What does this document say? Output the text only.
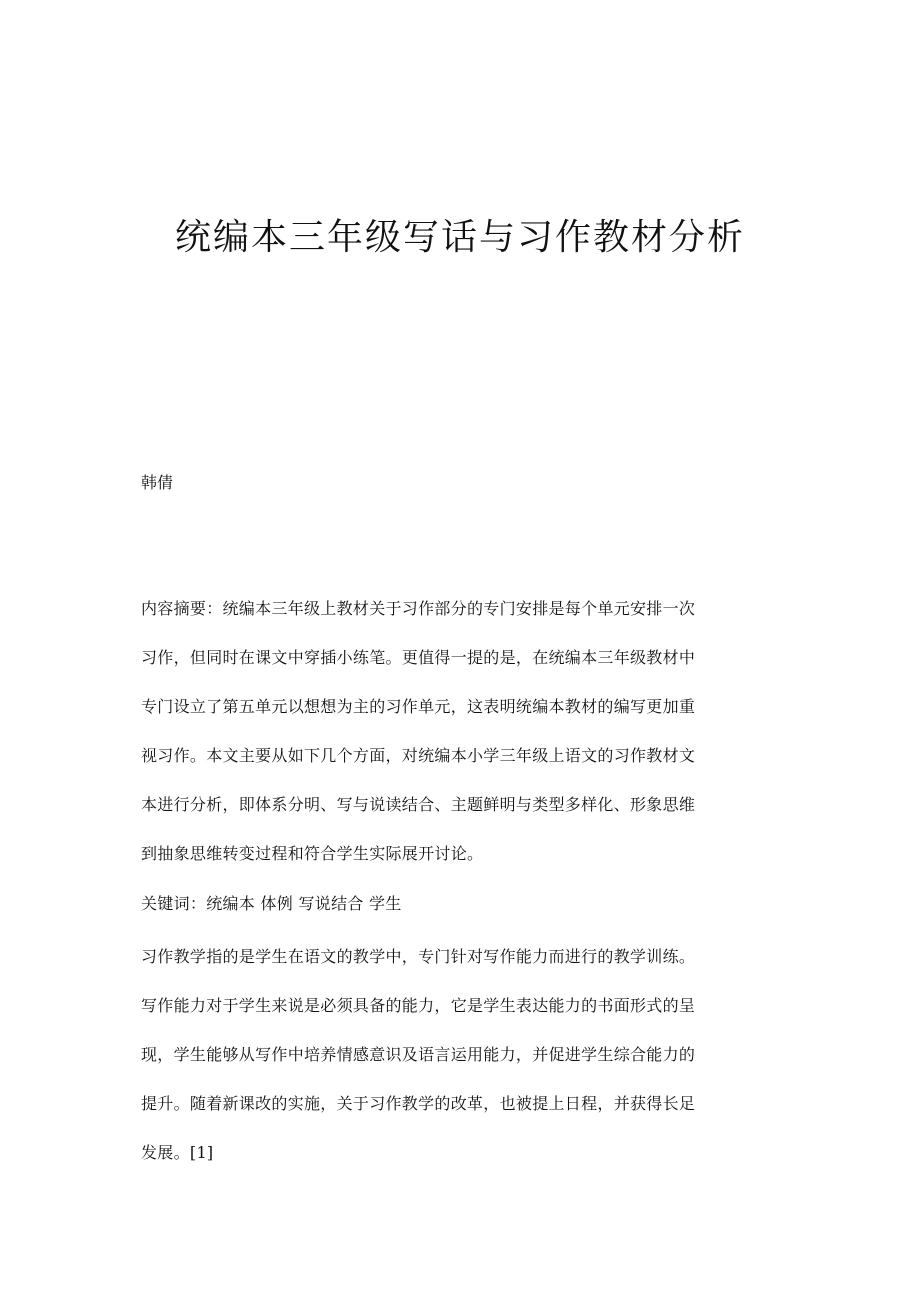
统编本三年级写话与习作教材分析

韩倩

内容摘要：统编本三年级上教材关于习作部分的专门安排是每个单元安排一次
习作，但同时在课文中穿插小练笔。更值得一提的是，在统编本三年级教材中
专门设立了第五单元以想想为主的习作单元，这表明统编本教材的编写更加重
视习作。本文主要从如下几个方面，对统编本小学三年级上语文的习作教材文
本进行分析，即体系分明、写与说读结合、主题鲜明与类型多样化、形象思维
到抽象思维转变过程和符合学生实际展开讨论。
关键词：统编本 体例 写说结合 学生
习作教学指的是学生在语文的教学中，专门针对写作能力而进行的教学训练。
写作能力对于学生来说是必须具备的能力，它是学生表达能力的书面形式的呈
现，学生能够从写作中培养情感意识及语言运用能力，并促进学生综合能力的
提升。随着新课改的实施，关于习作教学的改革，也被提上日程，并获得长足
发展。[1]
